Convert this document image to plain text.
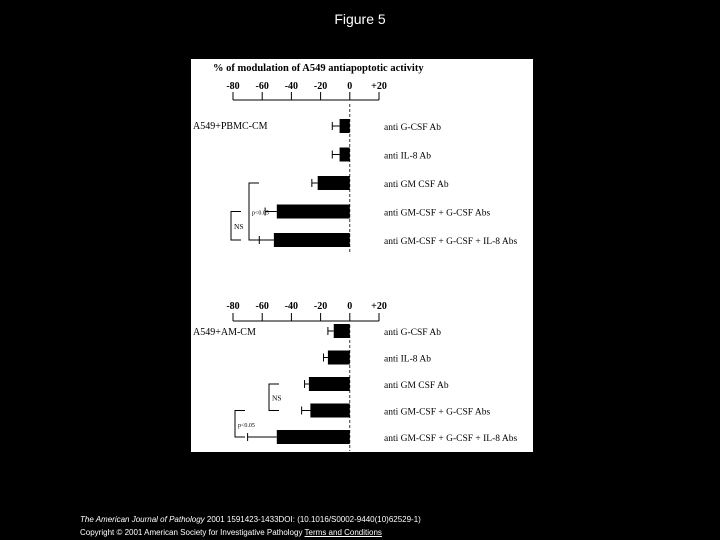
Figure 5
% of modulation of A549 antiapoptotic activity
-80 -60 -40 -20 0 +20
A549+PBMC-CM	anti G-CSF Ab
anti IL-8 Ab
anti GM CSF Ab
anti GM-CSF + G-CSF Abs
anti GM-CSF + G-CSF + IL-8 Abs
p<0.05
NS
-80 -60 -40 -20 0 +20
A549+AM-CM	anti G-CSF Ab
anti IL-8 Ab
anti GM CSF Ab
anti GM-CSF + G-CSF Abs
anti GM-CSF + G-CSF + IL-8 Abs
NS
p<0.05
The American Journal of Pathology 2001 1591423-1433DOI: (10.1016/S0002-9440(10)62529-1)
Copyright © 2001 American Society for Investigative Pathology Terms and Conditions
